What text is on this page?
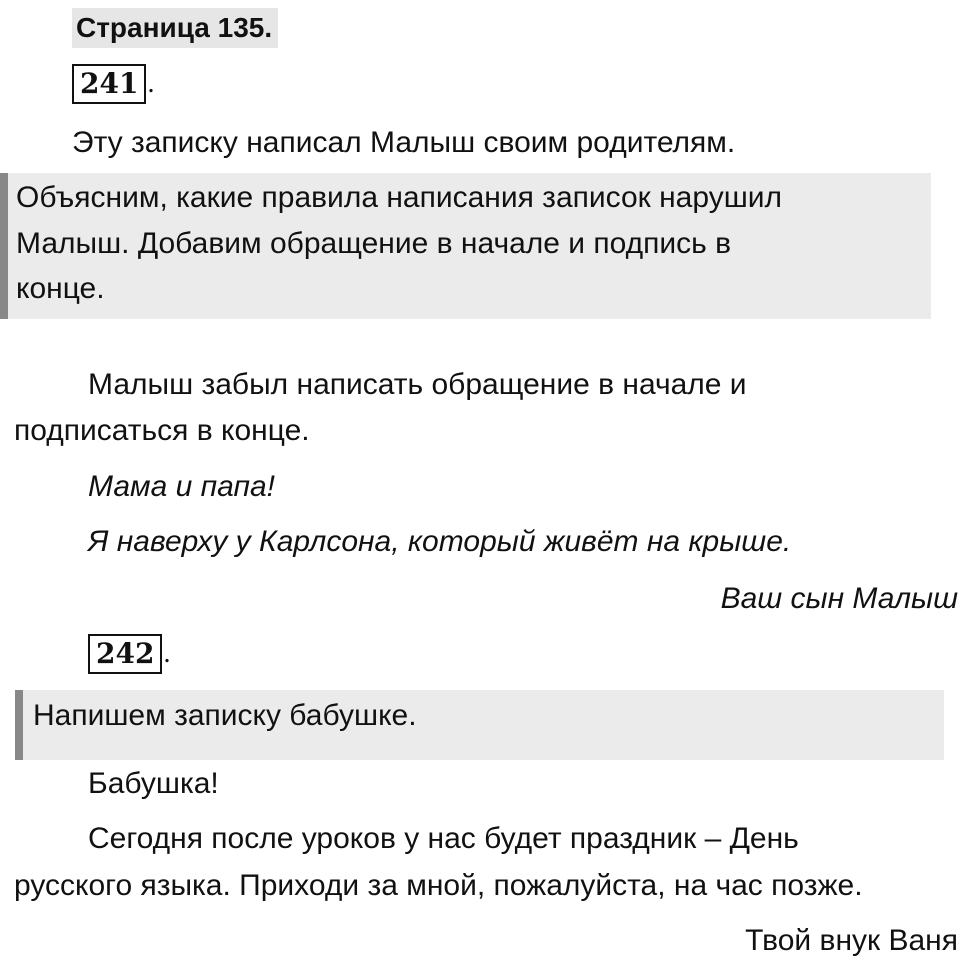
Страница 135.
241 .
Эту записку написал Малыш своим родителям.
Объясним, какие правила написания записок нарушил
Малыш. Добавим обращение в начале и подпись в
конце.
Малыш забыл написать обращение в начале и
подписаться в конце.
Мама и папа!
Я наверху у Карлсона, который живёт на крыше.
Ваш сын Малыш
242 .
Напишем записку бабушке.
Бабушка!
Сегодня после уроков у нас будет праздник – День
русского языка. Приходи за мной, пожалуйста, на час позже.
Твой внук Ваня
